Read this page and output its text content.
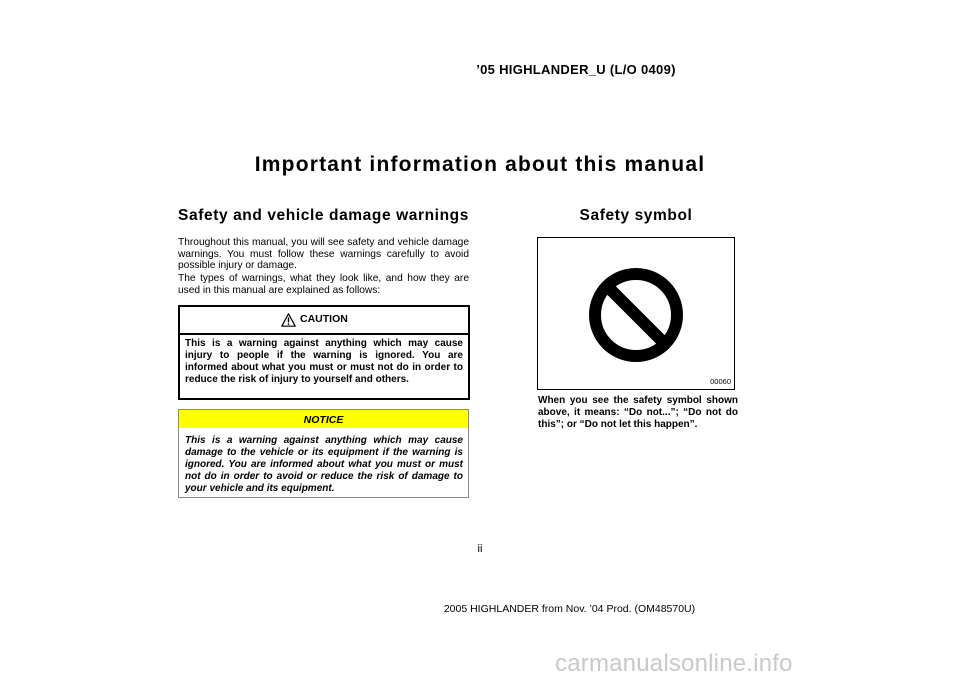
’05 HIGHLANDER_U (L/O 0409)
Important information about this manual
Safety and vehicle damage warnings
Throughout this manual, you will see safety and vehicle damage warnings. You must follow these warnings carefully to avoid possible injury or damage.
The types of warnings, what they look like, and how they are used in this manual are explained as follows:
CAUTION
This is a warning against anything which may cause injury to people if the warning is ignored. You are informed about what you must or must not do in order to reduce the risk of injury to yourself and others.
NOTICE
This is a warning against anything which may cause damage to the vehicle or its equipment if the warning is ignored. You are informed about what you must or must not do in order to avoid or reduce the risk of damage to your vehicle and its equipment.
Safety symbol
00060
When you see the safety symbol shown above, it means: “Do not...”; “Do not do this”; or “Do not let this happen”.
ii
2005 HIGHLANDER from Nov. ’04 Prod. (OM48570U)
carmanualsonline.info
